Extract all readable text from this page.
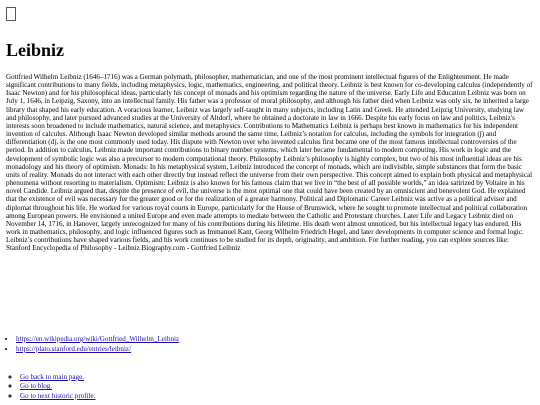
Leibniz

Gottfried Wilhelm Leibniz (1646–1716) was a German polymath, philosopher, mathematician, and one of the most prominent intellectual figures of the Enlightenment. He made significant contributions to many fields, including metaphysics, logic, mathematics, engineering, and political theory. Leibniz is best known for co-developing calculus (independently of Isaac Newton) and for his philosophical ideas, particularly his concept of monads and his optimism regarding the nature of the universe. Early Life and Education Leibniz was born on July 1, 1646, in Leipzig, Saxony, into an intellectual family. His father was a professor of moral philosophy, and although his father died when Leibniz was only six, he inherited a large library that shaped his early education. A voracious learner, Leibniz was largely self-taught in many subjects, including Latin and Greek. He attended Leipzig University, studying law and philosophy, and later pursued advanced studies at the University of Altdorf, where he obtained a doctorate in law in 1666. Despite his early focus on law and politics, Leibniz's interests soon broadened to include mathematics, natural science, and metaphysics. Contributions to Mathematics Leibniz is perhaps best known in mathematics for his independent invention of calculus. Although Isaac Newton developed similar methods around the same time, Leibniz’s notation for calculus, including the symbols for integration (∫) and differentiation (d), is the one most commonly used today. His dispute with Newton over who invented calculus first became one of the most famous intellectual controversies of the period. In addition to calculus, Leibniz made important contributions to binary number systems, which later became fundamental to modern computing. His work in logic and the development of symbolic logic was also a precursor to modern computational theory. Philosophy Leibniz’s philosophy is highly complex, but two of his most influential ideas are his monadology and his theory of optimism. Monads: In his metaphysical system, Leibniz introduced the concept of monads, which are indivisible, simple substances that form the basic units of reality. Monads do not interact with each other directly but instead reflect the universe from their own perspective. This concept aimed to explain both physical and metaphysical phenomena without resorting to materialism. Optimism: Leibniz is also known for his famous claim that we live in “the best of all possible worlds,” an idea satirized by Voltaire in his novel Candide. Leibniz argued that, despite the presence of evil, the universe is the most optimal one that could have been created by an omniscient and benevolent God. He explained that the existence of evil was necessary for the greater good or for the realization of a greater harmony. Political and Diplomatic Career Leibniz was active as a political advisor and diplomat throughout his life. He worked for various royal courts in Europe, particularly for the House of Brunswick, where he sought to promote intellectual and political collaboration among European powers. He envisioned a united Europe and even made attempts to mediate between the Catholic and Protestant churches. Later Life and Legacy Leibniz died on November 14, 1716, in Hanover, largely unrecognized for many of his contributions during his lifetime. His death went almost unnoticed, but his intellectual legacy has endured. His work in mathematics, philosophy, and logic influenced figures such as Immanuel Kant, Georg Wilhelm Friedrich Hegel, and later developments in computer science and formal logic. Leibniz’s contributions have shaped various fields, and his work continues to be studied for its depth, originality, and ambition. For further reading, you can explore sources like: Stanford Encyclopedia of Philosophy - Leibniz Biography.com - Gottfried Leibniz

• https://en.wikipedia.org/wiki/Gottfried_Wilhelm_Leibniz
• https://plato.stanford.edu/entries/leibniz/
◦ Go back to main page.
◦ Go to blog.
◦ Go to next historic profile.
